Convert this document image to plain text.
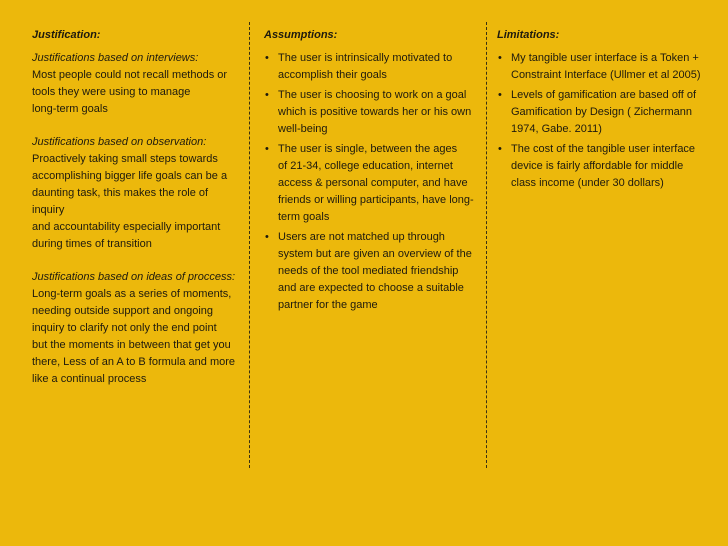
Justification:
Justifications based on interviews:
Most people could not recall methods or
tools they were using to manage
long-term goals
Justifications based on observation:
Proactively taking small steps towards
accomplishing bigger life goals can be a
daunting task, this makes the role of inquiry
and accountability especially important
during times of transition
Justifications based on ideas of proccess:
Long-term goals as a series of moments,
needing outside support and ongoing
inquiry to clarify not only the end point
but the moments in between that get you
there, Less of an A to B formula and more
like a continual process
Assumptions:
• The user is intrinsically motivated to
accomplish their goals
• The user is choosing to work on a goal
which is positive towards her or his own
well-being
• The user is single, between the ages
of 21-34, college education, internet
access & personal computer, and have
friends or willing participants, have long-
term goals
• Users are not matched up through
system but are given an overview of the
needs of the tool mediated friendship
and are expected to choose a suitable
partner for the game
Limitations:
• My tangible user interface is a Token +
Constraint Interface (Ullmer et al 2005)
• Levels of gamification are based off of
Gamification by Design ( Zichermann
1974, Gabe. 2011)
• The cost of the tangible user interface
device is fairly affordable for middle
class income (under 30 dollars)
